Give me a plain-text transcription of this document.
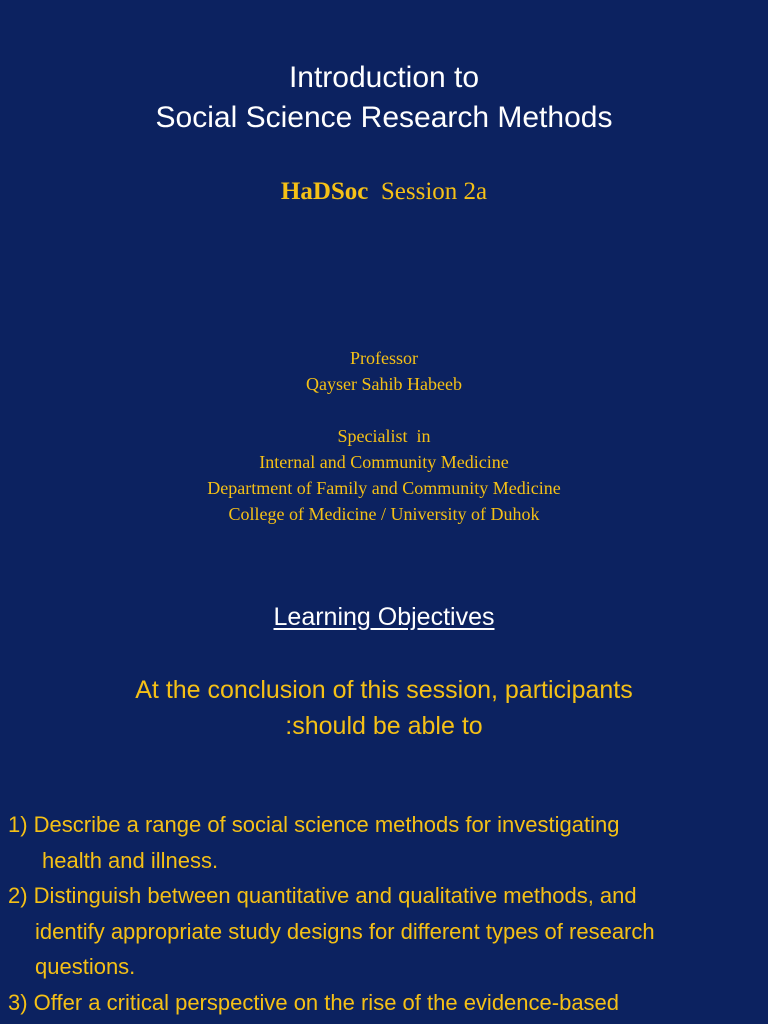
Introduction to
Social Science Research Methods
HaDSoc Session 2a
Professor
Qayser Sahib Habeeb
Specialist  in
Internal and Community Medicine
Department of Family and Community Medicine
College of Medicine / University of Duhok
Learning Objectives
At the conclusion of this session, participants
:should be able to
1) Describe a range of social science methods for investigating
health and illness.
2) Distinguish between quantitative and qualitative methods, and
identify appropriate study designs for different types of research
questions.
3) Offer a critical perspective on the rise of the evidence-based
